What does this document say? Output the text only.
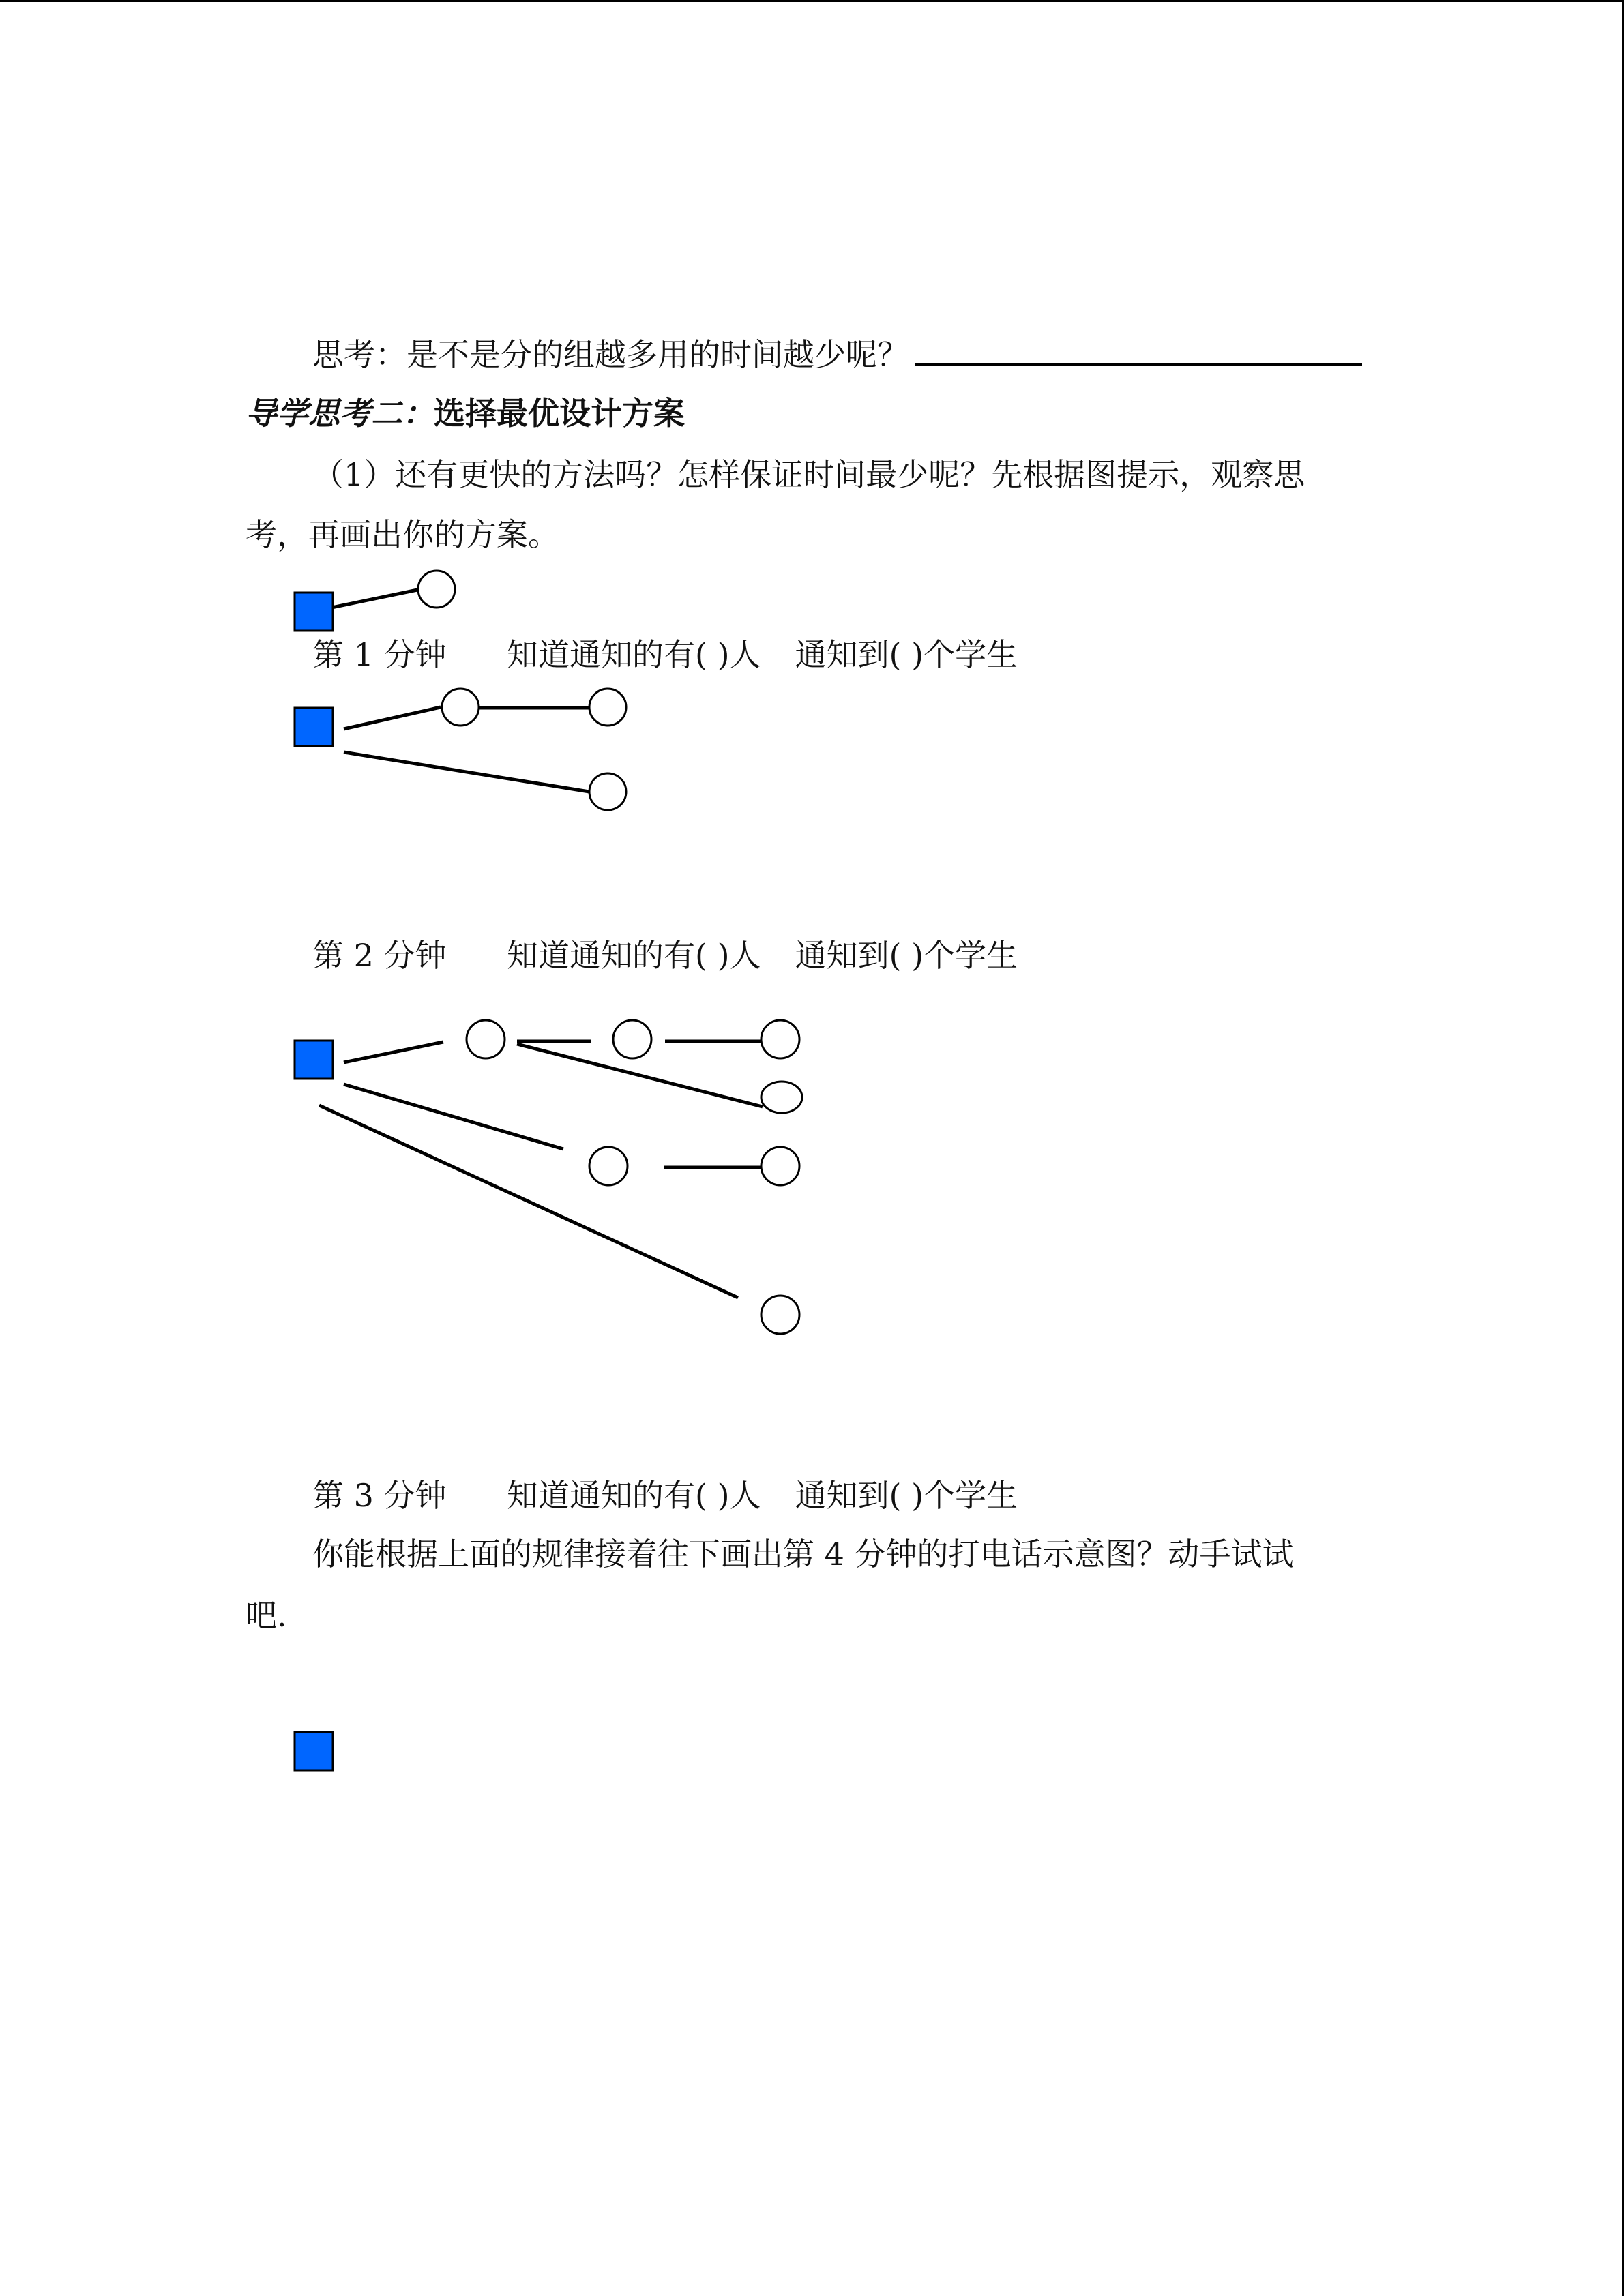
思考：是不是分的组越多用的时间越少呢？
导学思考二：选择最优设计方案
（1）还有更快的方法吗？怎样保证时间最少呢？先根据图提示，观察思
考，再画出你的方案。
第 1 分钟 知道通知的有( )人 通知到( )个学生
第 2 分钟 知道通知的有( )人 通知到( )个学生
第 3 分钟 知道通知的有( )人 通知到( )个学生
你能根据上面的规律接着往下画出第 4 分钟的打电话示意图？动手试试
吧.
